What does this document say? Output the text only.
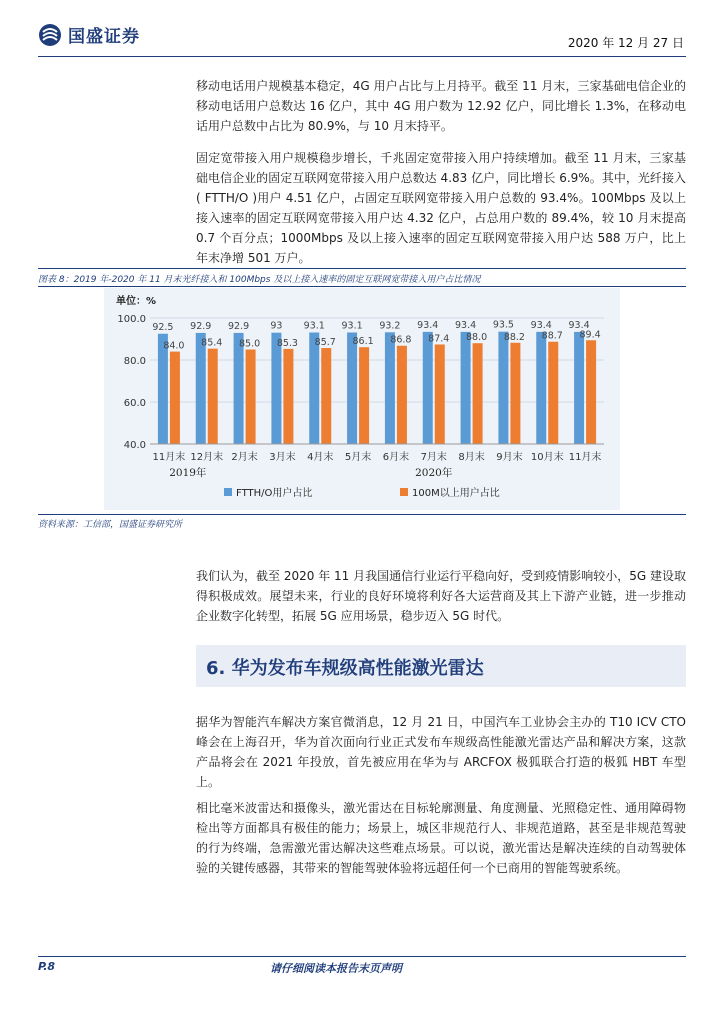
国盛证券	2020 年 12 月 27 日

移动电话用户规模基本稳定，4G 用户占比与上月持平。截至 11 月末，三家基础电信企业的移动电话用户总数达 16 亿户，其中 4G 用户数为 12.92 亿户，同比增长 1.3%，在移动电话用户总数中占比为 80.9%，与 10 月末持平。

固定宽带接入用户规模稳步增长，千兆固定宽带接入用户持续增加。截至 11 月末，三家基础电信企业的固定互联网宽带接入用户总数达 4.83 亿户，同比增长 6.9%。其中，光纤接入( FTTH/O )用户 4.51 亿户，占固定互联网宽带接入用户总数的 93.4%。100Mbps 及以上接入速率的固定互联网宽带接入用户达 4.32 亿户，占总用户数的 89.4%，较 10 月末提高 0.7 个百分点；1000Mbps 及以上接入速率的固定互联网宽带接入用户达 588 万户，比上年末净增 501 万户。

图表 8：2019 年-2020 年 11 月末光纤接入和 100Mbps 及以上接入速率的固定互联网宽带接入用户占比情况
单位：%
92.5
84.0
92.9
85.4
92.9
85.0
93
85.3
93.1
85.7
93.1
86.1
93.2
86.8
93.4
87.4
93.4
88.0
93.5
88.2
93.4
88.7
93.4
89.4
40.0
60.0
80.0
100.0
11月末 12月末 2月末 3月末 4月末 5月末 6月末 7月末 8月末 9月末 10月末 11月末
2019年	2020年
FTTH/O用户占比	100M以上用户占比
资料来源：工信部，国盛证券研究所

我们认为，截至 2020 年 11 月我国通信行业运行平稳向好，受到疫情影响较小，5G 建设取得积极成效。展望未来，行业的良好环境将利好各大运营商及其上下游产业链，进一步推动企业数字化转型，拓展 5G 应用场景，稳步迈入 5G 时代。

6. 华为发布车规级高性能激光雷达

据华为智能汽车解决方案官微消息，12 月 21 日，中国汽车工业协会主办的 T10 ICV CTO 峰会在上海召开，华为首次面向行业正式发布车规级高性能激光雷达产品和解决方案，这款产品将会在 2021 年投放，首先被应用在华为与 ARCFOX 极狐联合打造的极狐 HBT 车型上。

相比毫米波雷达和摄像头，激光雷达在目标轮廓测量、角度测量、光照稳定性、通用障碍物检出等方面都具有极佳的能力；场景上，城区非规范行人、非规范道路，甚至是非规范驾驶的行为终端，急需激光雷达解决这些难点场景。可以说，激光雷达是解决连续的自动驾驶体验的关键传感器，其带来的智能驾驶体验将远超任何一个已商用的智能驾驶系统。

P.8	请仔细阅读本报告末页声明
